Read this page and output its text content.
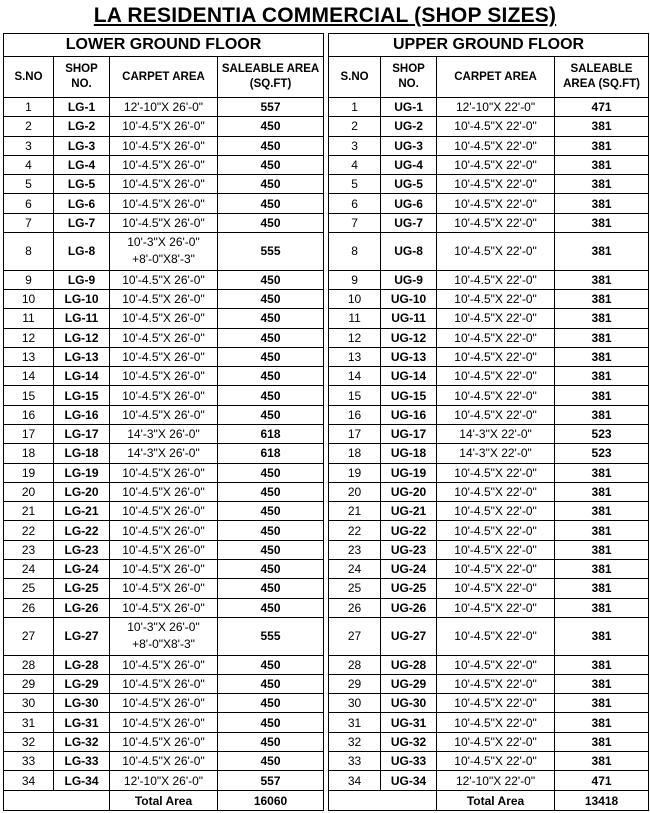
LA RESIDENTIA COMMERCIAL (SHOP SIZES)
LOWER GROUND FLOOR			
S.NO	SHOP
NO.	CARPET AREA	SALEABLE AREA
(SQ.FT)
1	LG-1	12'-10"X 26'-0"	557
2	LG-2	10'-4.5"X 26'-0"	450
3	LG-3	10'-4.5"X 26'-0"	450
4	LG-4	10'-4.5"X 26'-0"	450
5	LG-5	10'-4.5"X 26'-0"	450
6	LG-6	10'-4.5"X 26'-0"	450
7	LG-7	10'-4.5"X 26'-0"	450
8	LG-8	10'-3"X 26'-0"
+8'-0"X8'-3"	555
9	LG-9	10'-4.5"X 26'-0"	450
10	LG-10	10'-4.5"X 26'-0"	450
11	LG-11	10'-4.5"X 26'-0"	450
12	LG-12	10'-4.5"X 26'-0"	450
13	LG-13	10'-4.5"X 26'-0"	450
14	LG-14	10'-4.5"X 26'-0"	450
15	LG-15	10'-4.5"X 26'-0"	450
16	LG-16	10'-4.5"X 26'-0"	450
17	LG-17	14'-3"X 26'-0"	618
18	LG-18	14'-3"X 26'-0"	618
19	LG-19	10'-4.5"X 26'-0"	450
20	LG-20	10'-4.5"X 26'-0"	450
21	LG-21	10'-4.5"X 26'-0"	450
22	LG-22	10'-4.5"X 26'-0"	450
23	LG-23	10'-4.5"X 26'-0"	450
24	LG-24	10'-4.5"X 26'-0"	450
25	LG-25	10'-4.5"X 26'-0"	450
26	LG-26	10'-4.5"X 26'-0"	450
27	LG-27	10'-3"X 26'-0"
+8'-0"X8'-3"	555
28	LG-28	10'-4.5"X 26'-0"	450
29	LG-29	10'-4.5"X 26'-0"	450
30	LG-30	10'-4.5"X 26'-0"	450
31	LG-31	10'-4.5"X 26'-0"	450
32	LG-32	10'-4.5"X 26'-0"	450
33	LG-33	10'-4.5"X 26'-0"	450
34	LG-34	12'-10"X 26'-0"	557
		Total Area	16060
UPPER GROUND FLOOR			
S.NO	SHOP
NO.	CARPET AREA	SALEABLE
AREA (SQ.FT)
1	UG-1	12'-10"X 22'-0"	471
2	UG-2	10'-4.5"X 22'-0"	381
3	UG-3	10'-4.5"X 22'-0"	381
4	UG-4	10'-4.5"X 22'-0"	381
5	UG-5	10'-4.5"X 22'-0"	381
6	UG-6	10'-4.5"X 22'-0"	381
7	UG-7	10'-4.5"X 22'-0"	381
8	UG-8	10'-4.5"X 22'-0"	381
9	UG-9	10'-4.5"X 22'-0"	381
10	UG-10	10'-4.5"X 22'-0"	381
11	UG-11	10'-4.5"X 22'-0"	381
12	UG-12	10'-4.5"X 22'-0"	381
13	UG-13	10'-4.5"X 22'-0"	381
14	UG-14	10'-4.5"X 22'-0"	381
15	UG-15	10'-4.5"X 22'-0"	381
16	UG-16	10'-4.5"X 22'-0"	381
17	UG-17	14'-3"X 22'-0"	523
18	UG-18	14'-3"X 22'-0"	523
19	UG-19	10'-4.5"X 22'-0"	381
20	UG-20	10'-4.5"X 22'-0"	381
21	UG-21	10'-4.5"X 22'-0"	381
22	UG-22	10'-4.5"X 22'-0"	381
23	UG-23	10'-4.5"X 22'-0"	381
24	UG-24	10'-4.5"X 22'-0"	381
25	UG-25	10'-4.5"X 22'-0"	381
26	UG-26	10'-4.5"X 22'-0"	381
27	UG-27	10'-4.5"X 22'-0"	381
28	UG-28	10'-4.5"X 22'-0"	381
29	UG-29	10'-4.5"X 22'-0"	381
30	UG-30	10'-4.5"X 22'-0"	381
31	UG-31	10'-4.5"X 22'-0"	381
32	UG-32	10'-4.5"X 22'-0"	381
33	UG-33	10'-4.5"X 22'-0"	381
34	UG-34	12'-10"X 22'-0"	471
		Total Area	13418
